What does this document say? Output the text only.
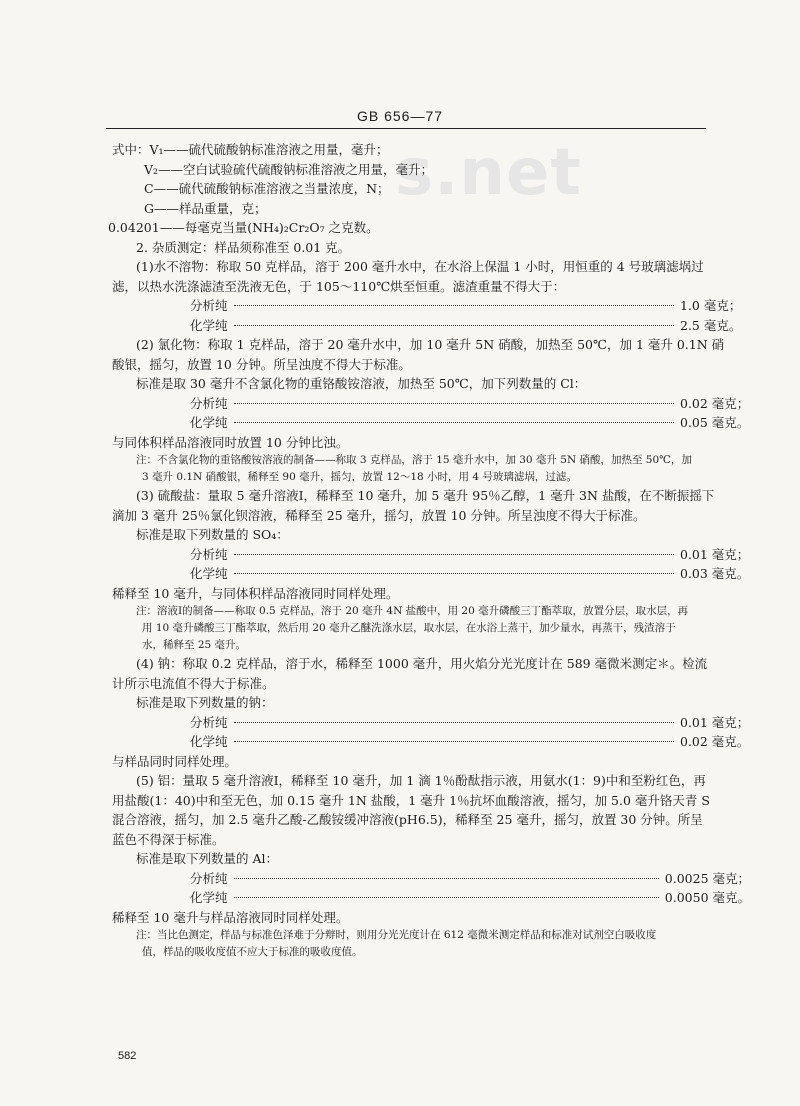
s.net
GB 656—77
式中：V₁——硫代硫酸钠标准溶液之用量，毫升；
V₂——空白试验硫代硫酸钠标准溶液之用量，毫升；
C——硫代硫酸钠标准溶液之当量浓度，N；
G——样品重量，克；
0.04201——每毫克当量(NH₄)₂Cr₂O₇ 之克数。
2. 杂质测定：样品须称准至 0.01 克。
(1)水不溶物：称取 50 克样品，溶于 200 毫升水中，在水浴上保温 1 小时，用恒重的 4 号玻璃滤埚过
滤，以热水洗涤滤渣至洗液无色，于 105～110℃烘至恒重。滤渣重量不得大于：
分析纯	1.0 毫克；
化学纯	2.5 毫克。
(2) 氯化物：称取 1 克样品，溶于 20 毫升水中，加 10 毫升 5N 硝酸，加热至 50℃，加 1 毫升 0.1N 硝
酸银，摇匀，放置 10 分钟。所呈浊度不得大于标准。
标准是取 30 毫升不含氯化物的重铬酸铵溶液，加热至 50℃，加下列数量的 Cl：
分析纯	0.02 毫克；
化学纯	0.05 毫克。
与同体积样品溶液同时放置 10 分钟比浊。
注：不含氯化物的重铬酸铵溶液的制备——称取 3 克样品，溶于 15 毫升水中，加 30 毫升 5N 硝酸，加热至 50℃，加
3 毫升 0.1N 硝酸银，稀释至 90 毫升，摇匀，放置 12～18 小时，用 4 号玻璃滤埚，过滤。
(3) 硫酸盐：量取 5 毫升溶液Ⅰ，稀释至 10 毫升，加 5 毫升 95％乙醇，1 毫升 3N 盐酸，在不断振摇下
滴加 3 毫升 25％氯化钡溶液，稀释至 25 毫升，摇匀，放置 10 分钟。所呈浊度不得大于标准。
标准是取下列数量的 SO₄：
分析纯	0.01 毫克；
化学纯	0.03 毫克。
稀释至 10 毫升，与同体积样品溶液同时同样处理。
注：溶液Ⅰ的制备——称取 0.5 克样品，溶于 20 毫升 4N 盐酸中，用 20 毫升磷酸三丁酯萃取，放置分层，取水层，再
用 10 毫升磷酸三丁酯萃取，然后用 20 毫升乙醚洗涤水层，取水层，在水浴上蒸干，加少量水，再蒸干，残渣溶于
水，稀释至 25 毫升。
(4) 钠：称取 0.2 克样品，溶于水，稀释至 1000 毫升，用火焰分光光度计在 589 毫微米测定＊。检流
计所示电流值不得大于标准。
标准是取下列数量的钠：
分析纯	0.01 毫克；
化学纯	0.02 毫克。
与样品同时同样处理。
(5) 铝：量取 5 毫升溶液Ⅰ，稀释至 10 毫升，加 1 滴 1％酚酞指示液，用氨水(1：9)中和至粉红色，再
用盐酸(1：40)中和至无色，加 0.15 毫升 1N 盐酸，1 毫升 1％抗坏血酸溶液，摇匀，加 5.0 毫升铬天青 S
混合溶液，摇匀，加 2.5 毫升乙酸-乙酸铵缓冲溶液(pH6.5)，稀释至 25 毫升，摇匀，放置 30 分钟。所呈
蓝色不得深于标准。
标准是取下列数量的 Al：
分析纯	0.0025 毫克；
化学纯	0.0050 毫克。
稀释至 10 毫升与样品溶液同时同样处理。
注：当比色测定，样品与标准色泽难于分辩时，则用分光光度计在 612 毫微米测定样品和标准对试剂空白吸收度
值，样品的吸收度值不应大于标准的吸收度值。
582
